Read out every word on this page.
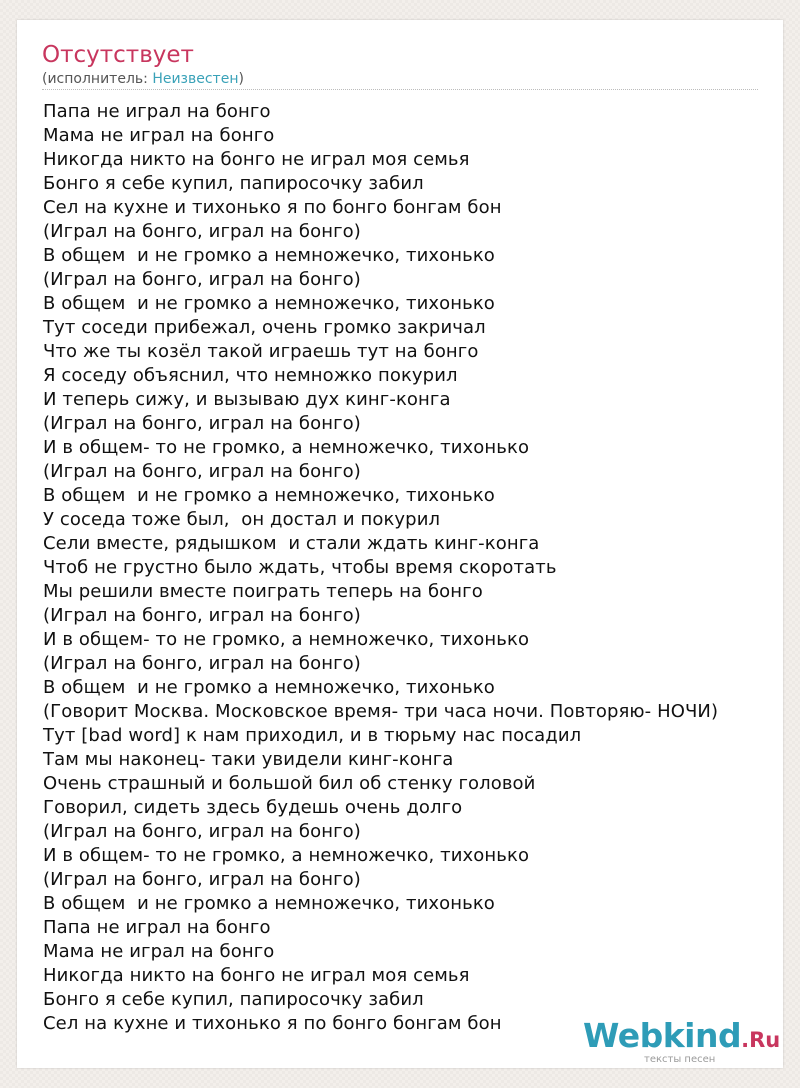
Отсутствует
(исполнитель: Неизвестен)
Папа не играл на бонго
Мама не играл на бонго
Никогда никто на бонго не играл моя семья
Бонго я себе купил, папиросочку забил
Сел на кухне и тихонько я по бонго бонгам бон
(Играл на бонго, играл на бонго)
В общем  и не громко а немножечко, тихонько
(Играл на бонго, играл на бонго)
В общем  и не громко а немножечко, тихонько
Тут соседи прибежал, очень громко закричал
Что же ты козёл такой играешь тут на бонго
Я соседу объяснил, что немножко покурил
И теперь сижу, и вызываю дух кинг-конга
(Играл на бонго, играл на бонго)
И в общем- то не громко, а немножечко, тихонько
(Играл на бонго, играл на бонго)
В общем  и не громко а немножечко, тихонько
У соседа тоже был,  он достал и покурил
Сели вместе, рядышком  и стали ждать кинг-конга
Чтоб не грустно было ждать, чтобы время скоротать
Мы решили вместе поиграть теперь на бонго
(Играл на бонго, играл на бонго)
И в общем- то не громко, а немножечко, тихонько
(Играл на бонго, играл на бонго)
В общем  и не громко а немножечко, тихонько
(Говорит Москва. Московское время- три часа ночи. Повторяю- НОЧИ)
Тут [bad word] к нам приходил, и в тюрьму нас посадил
Там мы наконец- таки увидели кинг-конга
Очень страшный и большой бил об стенку головой
Говорил, сидеть здесь будешь очень долго
(Играл на бонго, играл на бонго)
И в общем- то не громко, а немножечко, тихонько
(Играл на бонго, играл на бонго)
В общем  и не громко а немножечко, тихонько
Папа не играл на бонго
Мама не играл на бонго
Никогда никто на бонго не играл моя семья
Бонго я себе купил, папиросочку забил
Сел на кухне и тихонько я по бонго бонгам бон	Webkind.Ru
тексты песен
